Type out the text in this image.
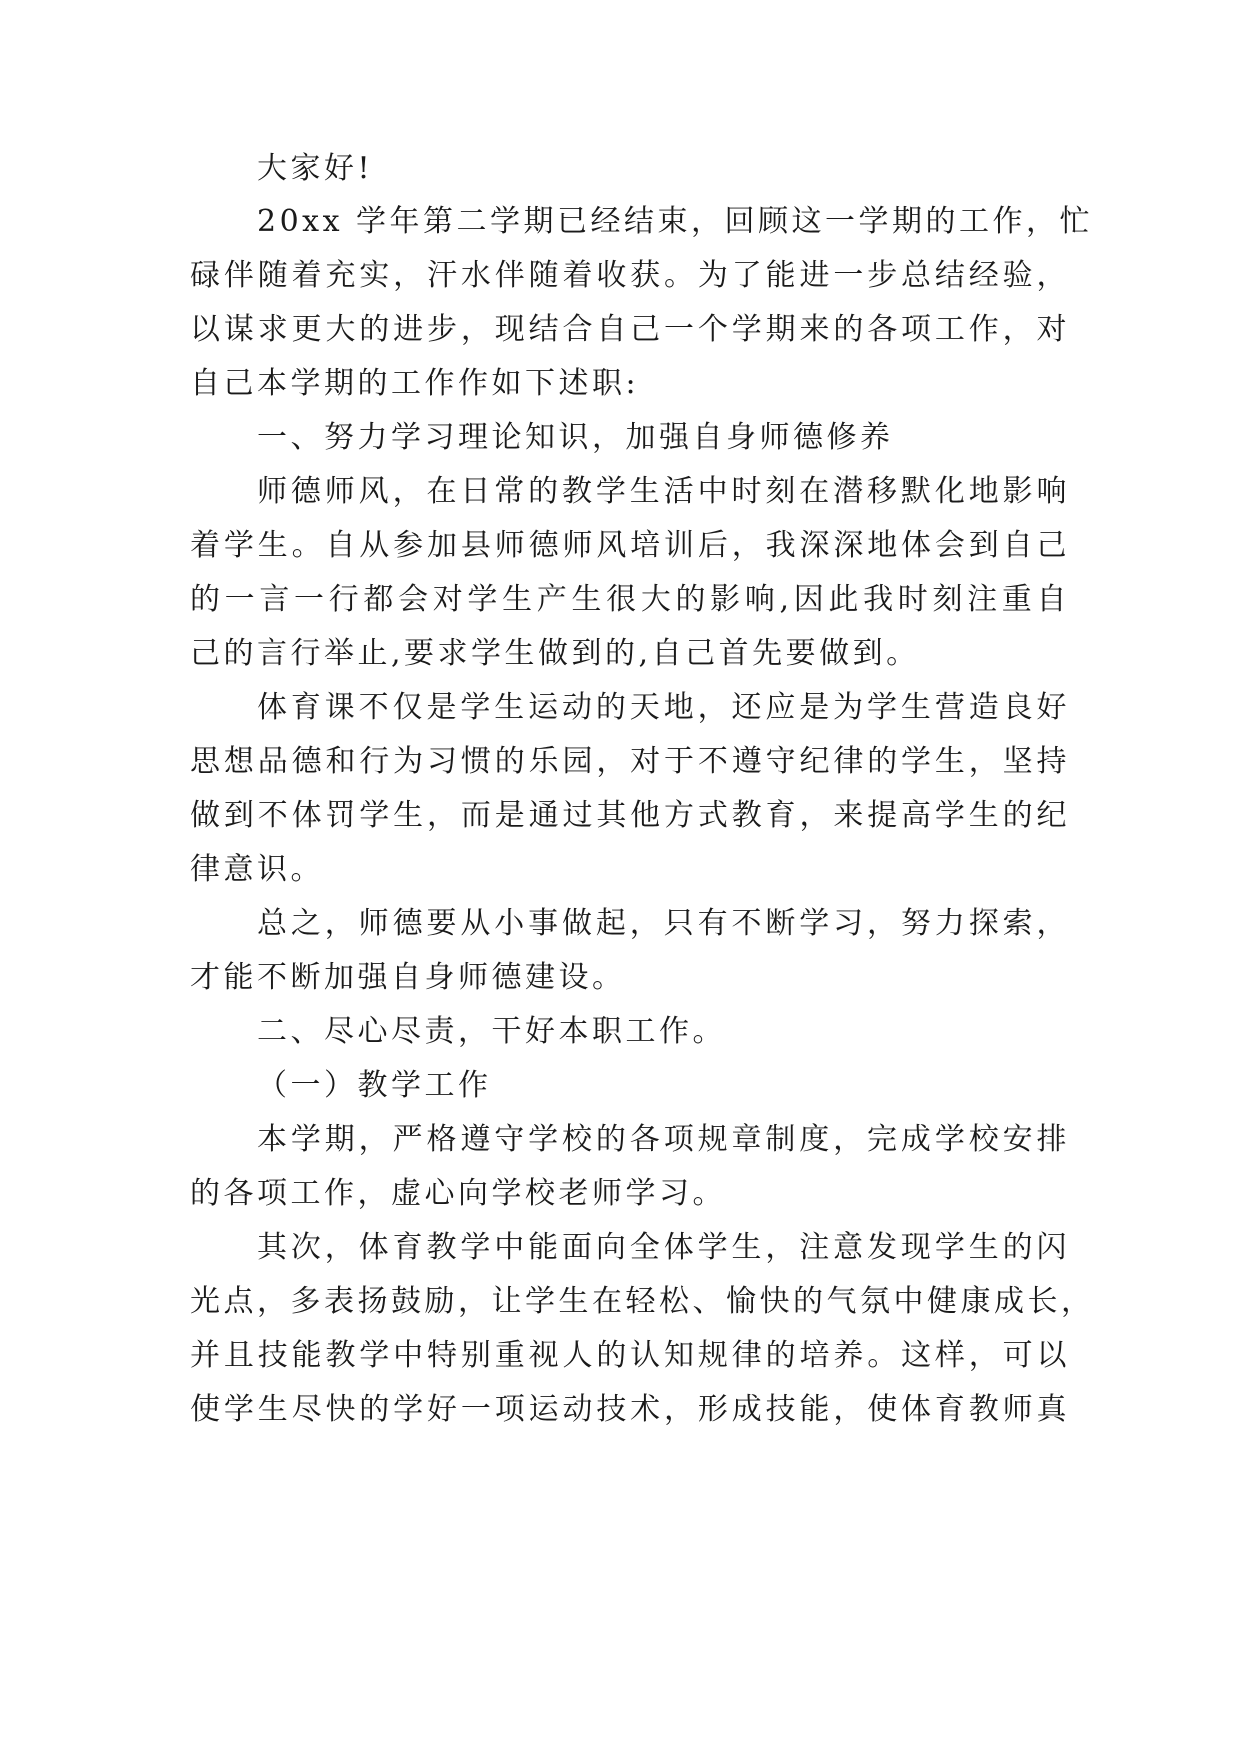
大家好!
20xx 学年第二学期已经结束，回顾这一学期的工作，忙
碌伴随着充实，汗水伴随着收获。为了能进一步总结经验，
以谋求更大的进步，现结合自己一个学期来的各项工作，对
自己本学期的工作作如下述职:
一、努力学习理论知识，加强自身师德修养
师德师风，在日常的教学生活中时刻在潜移默化地影响
着学生。自从参加县师德师风培训后，我深深地体会到自己
的一言一行都会对学生产生很大的影响,因此我时刻注重自
己的言行举止,要求学生做到的,自己首先要做到。
体育课不仅是学生运动的天地，还应是为学生营造良好
思想品德和行为习惯的乐园，对于不遵守纪律的学生，坚持
做到不体罚学生，而是通过其他方式教育，来提高学生的纪
律意识。
总之，师德要从小事做起，只有不断学习，努力探索，
才能不断加强自身师德建设。
二、尽心尽责，干好本职工作。
（一）教学工作
本学期，严格遵守学校的各项规章制度，完成学校安排
的各项工作，虚心向学校老师学习。
其次，体育教学中能面向全体学生，注意发现学生的闪
光点，多表扬鼓励，让学生在轻松、愉快的气氛中健康成长，
并且技能教学中特别重视人的认知规律的培养。这样，可以
使学生尽快的学好一项运动技术，形成技能，使体育教师真
